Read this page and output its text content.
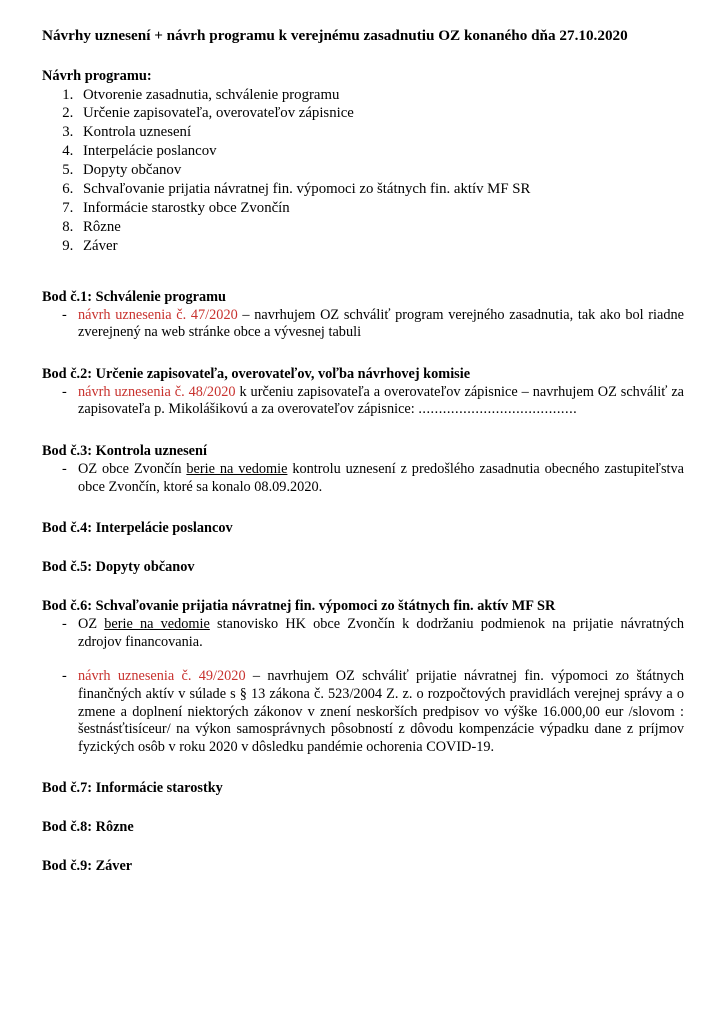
Návrhy uznesení + návrh programu k verejnému zasadnutiu OZ konaného dňa 27.10.2020
Návrh programu:
1. Otvorenie zasadnutia, schválenie programu
2. Určenie zapisovateľa, overovateľov zápisnice
3. Kontrola uznesení
4. Interpelácie poslancov
5. Dopyty občanov
6. Schvaľovanie prijatia návratnej fin. výpomoci zo štátnych fin. aktív MF SR
7. Informácie starostky obce Zvončín
8. Rôzne
9. Záver
Bod č.1: Schválenie programu
- návrh uznesenia č. 47/2020 – navrhujem OZ schváliť program verejného zasadnutia, tak ako bol riadne zverejnený na web stránke obce a vývesnej tabuli
Bod č.2: Určenie zapisovateľa, overovateľov, voľba návrhovej komisie
- návrh uznesenia č. 48/2020 k určeniu zapisovateľa a overovateľov zápisnice – navrhujem OZ schváliť za zapisovateľa p. Mikolášikovú a za overovateľov zápisnice: .......................................
Bod č.3: Kontrola uznesení
- OZ obce Zvončín berie na vedomie kontrolu uznesení z predošlého zasadnutia obecného zastupiteľstva obce Zvončín, ktoré sa konalo 08.09.2020.
Bod č.4: Interpelácie poslancov
Bod č.5: Dopyty občanov
Bod č.6: Schvaľovanie prijatia návratnej fin. výpomoci zo štátnych fin. aktív MF SR
- OZ berie na vedomie stanovisko HK obce Zvončín k dodržaniu podmienok na prijatie návratných zdrojov financovania.
- návrh uznesenia č. 49/2020 – navrhujem OZ schváliť prijatie návratnej fin. výpomoci zo štátnych finančných aktív v súlade s § 13 zákona č. 523/2004 Z. z. o rozpočtových pravidlách verejnej správy a o zmene a doplnení niektorých zákonov v znení neskorších predpisov vo výške 16.000,00 eur /slovom : šestnásťtisíceur/ na výkon samosprávnych pôsobností z dôvodu kompenzácie výpadku dane z príjmov fyzických osôb v roku 2020 v dôsledku pandémie ochorenia COVID-19.
Bod č.7: Informácie starostky
Bod č.8: Rôzne
Bod č.9: Záver
